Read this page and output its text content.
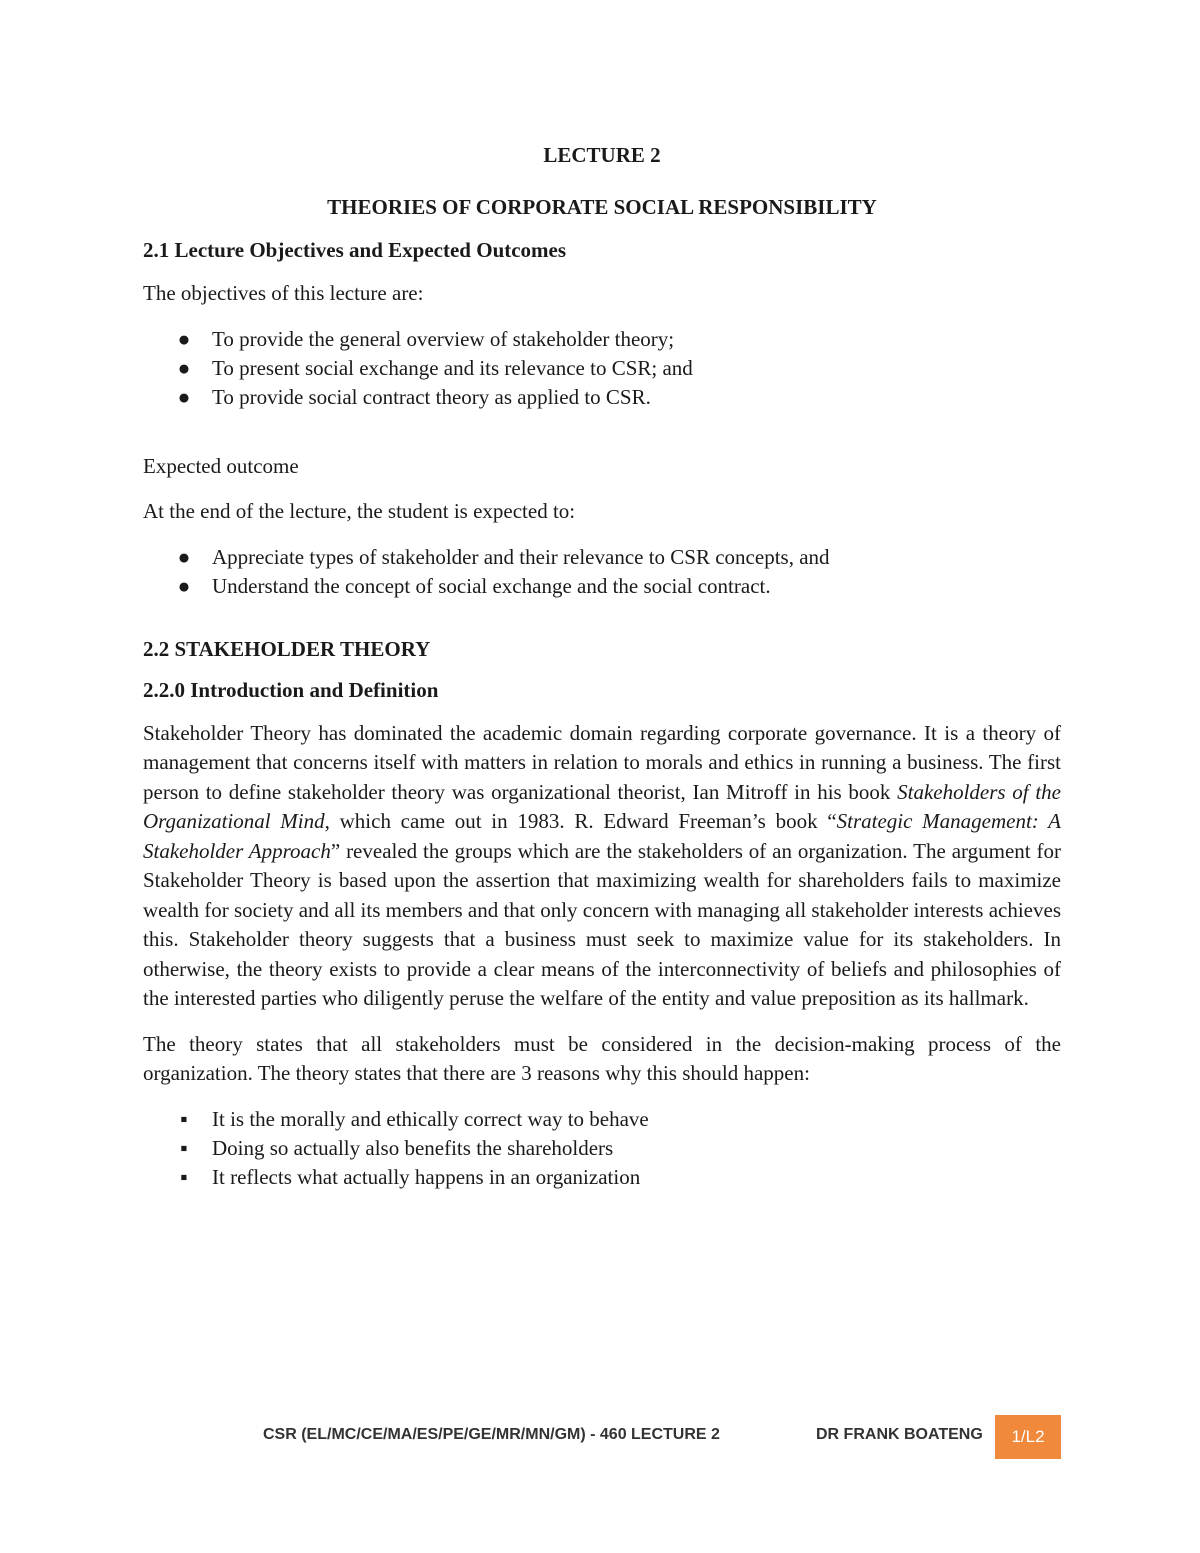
LECTURE 2

THEORIES OF CORPORATE SOCIAL RESPONSIBILITY

2.1 Lecture Objectives and Expected Outcomes

The objectives of this lecture are:

● To provide the general overview of stakeholder theory;
● To present social exchange and its relevance to CSR; and
● To provide social contract theory as applied to CSR.

Expected outcome

At the end of the lecture, the student is expected to:

● Appreciate types of stakeholder and their relevance to CSR concepts, and
● Understand the concept of social exchange and the social contract.
2.2 STAKEHOLDER THEORY
2.2.0 Introduction and Definition

Stakeholder Theory has dominated the academic domain regarding corporate governance. It is a theory of management that concerns itself with matters in relation to morals and ethics in running a business. The first person to define stakeholder theory was organizational theorist, Ian Mitroff in his book Stakeholders of the Organizational Mind, which came out in 1983. R. Edward Freeman’s book “Strategic Management: A Stakeholder Approach” revealed the groups which are the stakeholders of an organization. The argument for Stakeholder Theory is based upon the assertion that maximizing wealth for shareholders fails to maximize wealth for society and all its members and that only concern with managing all stakeholder interests achieves this. Stakeholder theory suggests that a business must seek to maximize value for its stakeholders. In otherwise, the theory exists to provide a clear means of the interconnectivity of beliefs and philosophies of the interested parties who diligently peruse the welfare of the entity and value preposition as its hallmark.

The theory states that all stakeholders must be considered in the decision-making process of the organization. The theory states that there are 3 reasons why this should happen:

▪ It is the morally and ethically correct way to behave
▪ Doing so actually also benefits the shareholders
▪ It reflects what actually happens in an organization
CSR (EL/MC/CE/MA/ES/PE/GE/MR/MN/GM) - 460 LECTURE 2	DR FRANK BOATENG	1/L2
